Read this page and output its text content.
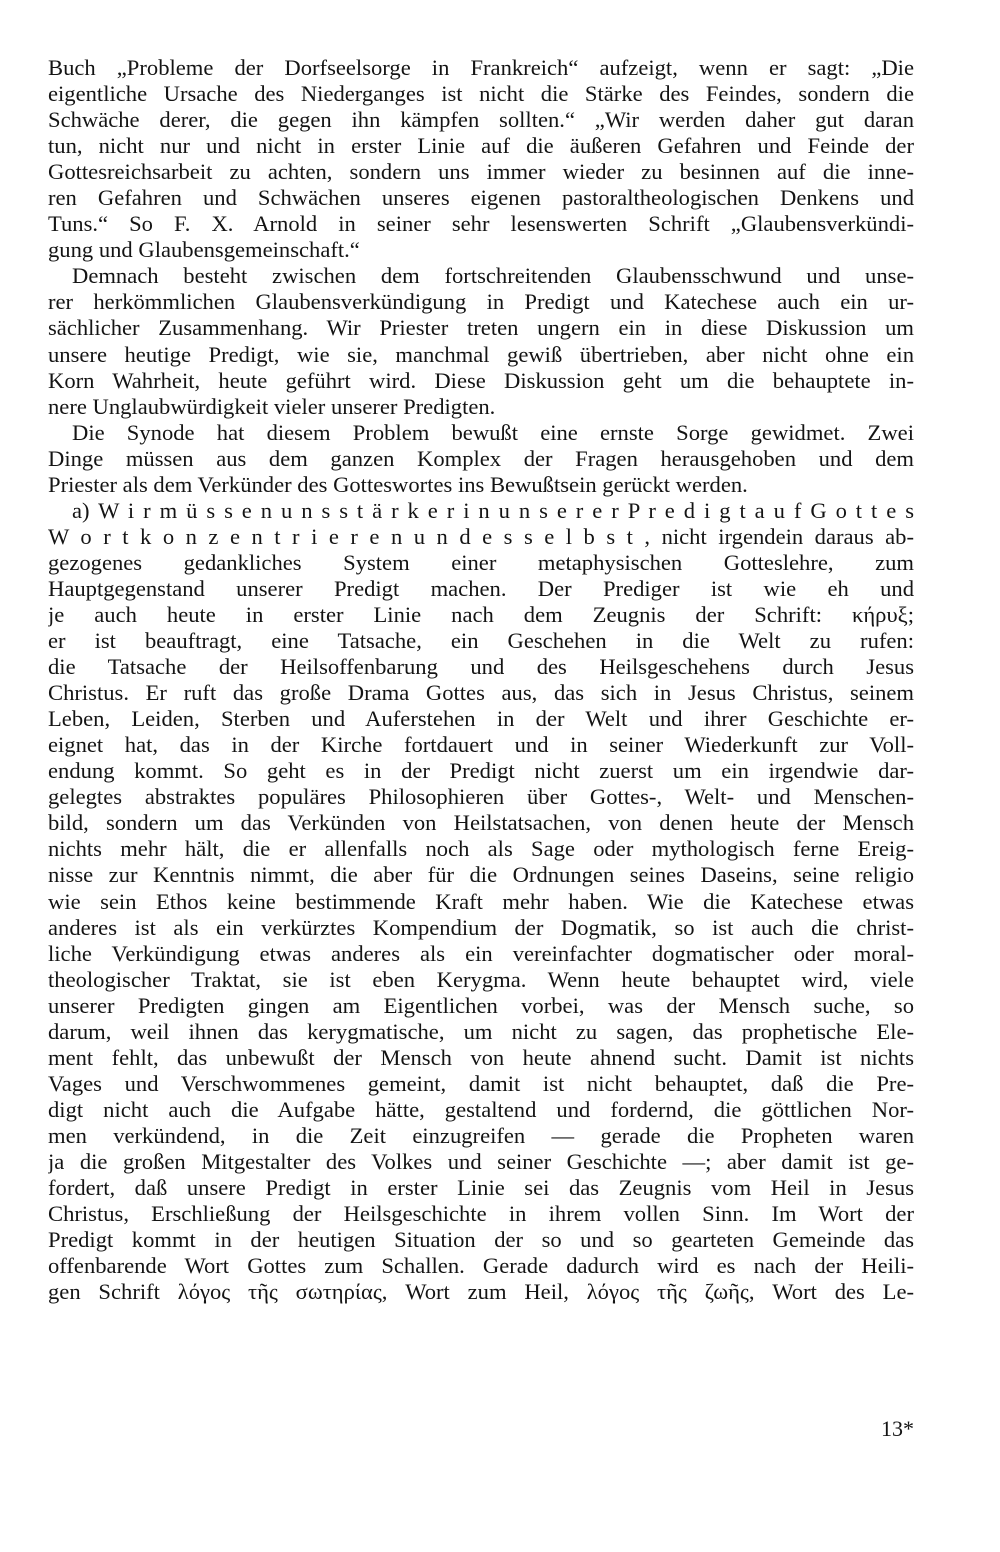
Buch „Probleme der Dorfseelsorge in Frankreich“ aufzeigt, wenn er sagt: „Die
eigentliche Ursache des Niederganges ist nicht die Stärke des Feindes, sondern die
Schwäche derer, die gegen ihn kämpfen sollten.“ „Wir werden daher gut daran
tun, nicht nur und nicht in erster Linie auf die äußeren Gefahren und Feinde der
Gottesreichsarbeit zu achten, sondern uns immer wieder zu besinnen auf die inne-
ren Gefahren und Schwächen unseres eigenen pastoraltheologischen Denkens und
Tuns.“ So F. X. Arnold in seiner sehr lesenswerten Schrift „Glaubensverkündi-
gung und Glaubensgemeinschaft.“
Demnach besteht zwischen dem fortschreitenden Glaubensschwund und unse-
rer herkömmlichen Glaubensverkündigung in Predigt und Katechese auch ein ur-
sächlicher Zusammenhang. Wir Priester treten ungern ein in diese Diskussion um
unsere heutige Predigt, wie sie, manchmal gewiß übertrieben, aber nicht ohne ein
Korn Wahrheit, heute geführt wird. Diese Diskussion geht um die behauptete in-
nere Unglaubwürdigkeit vieler unserer Predigten.
Die Synode hat diesem Problem bewußt eine ernste Sorge gewidmet. Zwei
Dinge müssen aus dem ganzen Komplex der Fragen herausgehoben und dem
Priester als dem Verkünder des Gotteswortes ins Bewußtsein gerückt werden.
a) W i r m ü s s e n u n s s t ä r k e r i n u n s e r e r P r e d i g t a u f G o t t e s
W o r t k o n z e n t r i e r e n u n d e s s e l b s t , nicht irgendein daraus ab-
gezogenes gedankliches System einer metaphysischen Gotteslehre, zum
Hauptgegenstand unserer Predigt machen. Der Prediger ist wie eh und
je auch heute in erster Linie nach dem Zeugnis der Schrift: κήρυξ;
er ist beauftragt, eine Tatsache, ein Geschehen in die Welt zu rufen:
die Tatsache der Heilsoffenbarung und des Heilsgeschehens durch Jesus
Christus. Er ruft das große Drama Gottes aus, das sich in Jesus Christus, seinem
Leben, Leiden, Sterben und Auferstehen in der Welt und ihrer Geschichte er-
eignet hat, das in der Kirche fortdauert und in seiner Wiederkunft zur Voll-
endung kommt. So geht es in der Predigt nicht zuerst um ein irgendwie dar-
gelegtes abstraktes populäres Philosophieren über Gottes-, Welt- und Menschen-
bild, sondern um das Verkünden von Heilstatsachen, von denen heute der Mensch
nichts mehr hält, die er allenfalls noch als Sage oder mythologisch ferne Ereig-
nisse zur Kenntnis nimmt, die aber für die Ordnungen seines Daseins, seine religio
wie sein Ethos keine bestimmende Kraft mehr haben. Wie die Katechese etwas
anderes ist als ein verkürztes Kompendium der Dogmatik, so ist auch die christ-
liche Verkündigung etwas anderes als ein vereinfachter dogmatischer oder moral-
theologischer Traktat, sie ist eben Kerygma. Wenn heute behauptet wird, viele
unserer Predigten gingen am Eigentlichen vorbei, was der Mensch suche, so
darum, weil ihnen das kerygmatische, um nicht zu sagen, das prophetische Ele-
ment fehlt, das unbewußt der Mensch von heute ahnend sucht. Damit ist nichts
Vages und Verschwommenes gemeint, damit ist nicht behauptet, daß die Pre-
digt nicht auch die Aufgabe hätte, gestaltend und fordernd, die göttlichen Nor-
men verkündend, in die Zeit einzugreifen — gerade die Propheten waren
ja die großen Mitgestalter des Volkes und seiner Geschichte —; aber damit ist ge-
fordert, daß unsere Predigt in erster Linie sei das Zeugnis vom Heil in Jesus
Christus, Erschließung der Heilsgeschichte in ihrem vollen Sinn. Im Wort der
Predigt kommt in der heutigen Situation der so und so gearteten Gemeinde das
offenbarende Wort Gottes zum Schallen. Gerade dadurch wird es nach der Heili-
gen Schrift λόγος τῆς σωτηρίας, Wort zum Heil, λόγος τῆς ζωῆς, Wort des Le-
13*
